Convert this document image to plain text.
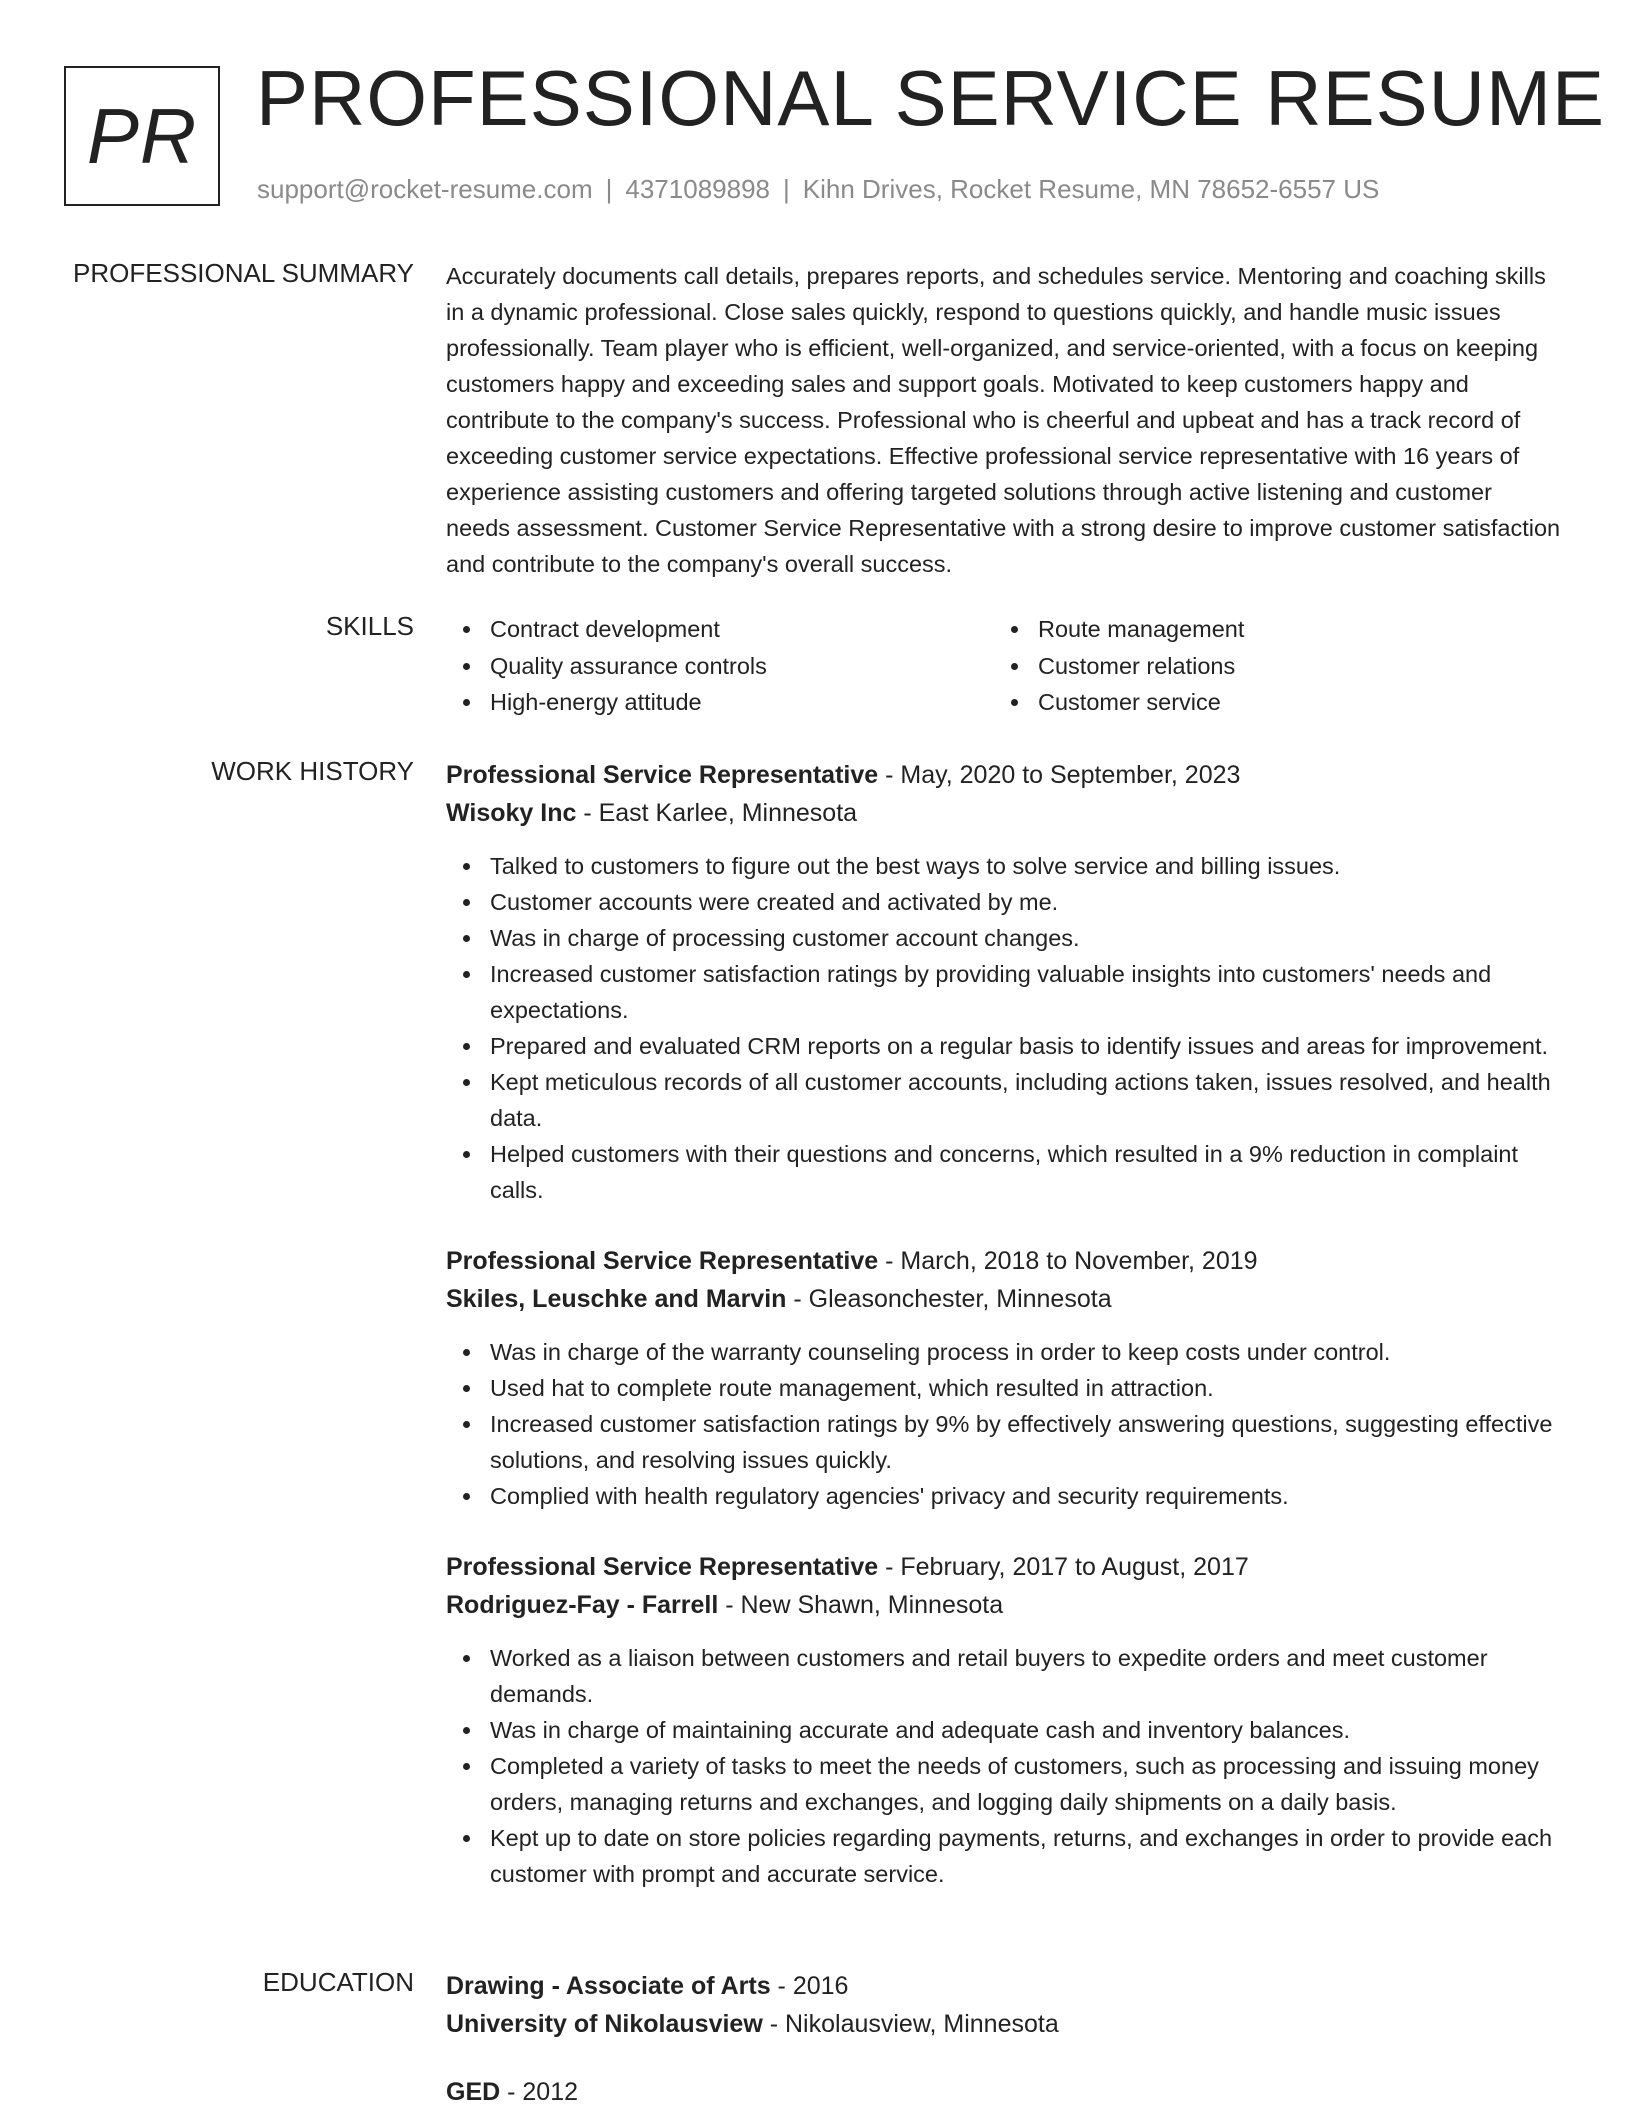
PR PROFESSIONAL SERVICE RESUME
support@rocket-resume.com | 4371089898 | Kihn Drives, Rocket Resume, MN 78652-6557 US
PROFESSIONAL SUMMARY Accurately documents call details, prepares reports, and schedules service. Mentoring and coaching skills in a dynamic professional. Close sales quickly, respond to questions quickly, and handle music issues professionally. Team player who is efficient, well-organized, and service-oriented, with a focus on keeping customers happy and exceeding sales and support goals. Motivated to keep customers happy and contribute to the company's success. Professional who is cheerful and upbeat and has a track record of exceeding customer service expectations. Effective professional service representative with 16 years of experience assisting customers and offering targeted solutions through active listening and customer needs assessment. Customer Service Representative with a strong desire to improve customer satisfaction and contribute to the company's overall success.

SKILLS	Contract development	Route management
Quality assurance controls	Customer relations
High-energy attitude	Customer service
WORK HISTORY Professional Service Representative - May, 2020 to September, 2023
Wisoky Inc - East Karlee, Minnesota
Talked to customers to figure out the best ways to solve service and billing issues.
Customer accounts were created and activated by me.
Was in charge of processing customer account changes.
Increased customer satisfaction ratings by providing valuable insights into customers' needs and expectations.
Prepared and evaluated CRM reports on a regular basis to identify issues and areas for improvement.
Kept meticulous records of all customer accounts, including actions taken, issues resolved, and health data.
Helped customers with their questions and concerns, which resulted in a 9% reduction in complaint calls.
Professional Service Representative - March, 2018 to November, 2019
Skiles, Leuschke and Marvin - Gleasonchester, Minnesota
Was in charge of the warranty counseling process in order to keep costs under control.
Used hat to complete route management, which resulted in attraction.
Increased customer satisfaction ratings by 9% by effectively answering questions, suggesting effective solutions, and resolving issues quickly.
Complied with health regulatory agencies' privacy and security requirements.
Professional Service Representative - February, 2017 to August, 2017
Rodriguez-Fay - Farrell - New Shawn, Minnesota
Worked as a liaison between customers and retail buyers to expedite orders and meet customer demands.
Was in charge of maintaining accurate and adequate cash and inventory balances.
Completed a variety of tasks to meet the needs of customers, such as processing and issuing money orders, managing returns and exchanges, and logging daily shipments on a daily basis.
Kept up to date on store policies regarding payments, returns, and exchanges in order to provide each customer with prompt and accurate service.
EDUCATION Drawing - Associate of Arts - 2016
University of Nikolausview - Nikolausview, Minnesota
GED - 2012
